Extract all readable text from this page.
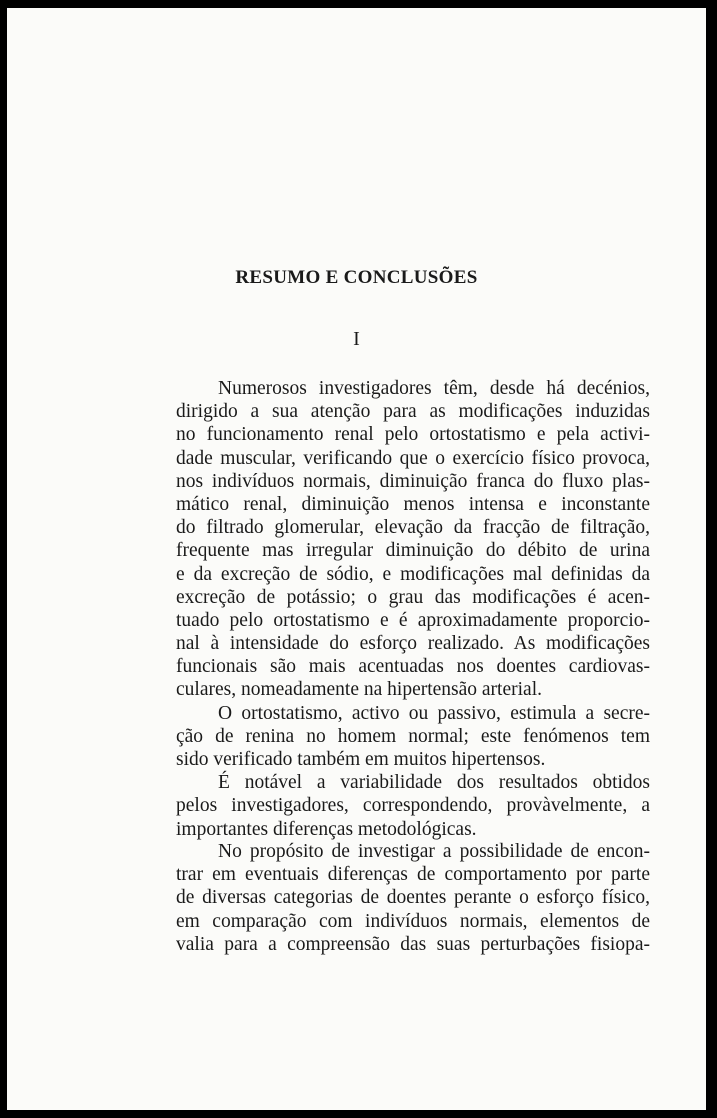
RESUMO E CONCLUSÕES
I
Numerosos investigadores têm, desde há decénios,
dirigido a sua atenção para as modificações induzidas
no funcionamento renal pelo ortostatismo e pela activi-
dade muscular, verificando que o exercício físico provoca,
nos indivíduos normais, diminuição franca do fluxo plas-
mático renal, diminuição menos intensa e inconstante
do filtrado glomerular, elevação da fracção de filtração,
frequente mas irregular diminuição do débito de urina
e da excreção de sódio, e modificações mal definidas da
excreção de potássio; o grau das modificações é acen-
tuado pelo ortostatismo e é aproximadamente proporcio-
nal à intensidade do esforço realizado. As modificações
funcionais são mais acentuadas nos doentes cardiovas-
culares, nomeadamente na hipertensão arterial.
O ortostatismo, activo ou passivo, estimula a secre-
ção de renina no homem normal; este fenómenos tem
sido verificado também em muitos hipertensos.
É notável a variabilidade dos resultados obtidos
pelos investigadores, correspondendo, provàvelmente, a
importantes diferenças metodológicas.
No propósito de investigar a possibilidade de encon-
trar em eventuais diferenças de comportamento por parte
de diversas categorias de doentes perante o esforço físico,
em comparação com indivíduos normais, elementos de
valia para a compreensão das suas perturbações fisiopa-
